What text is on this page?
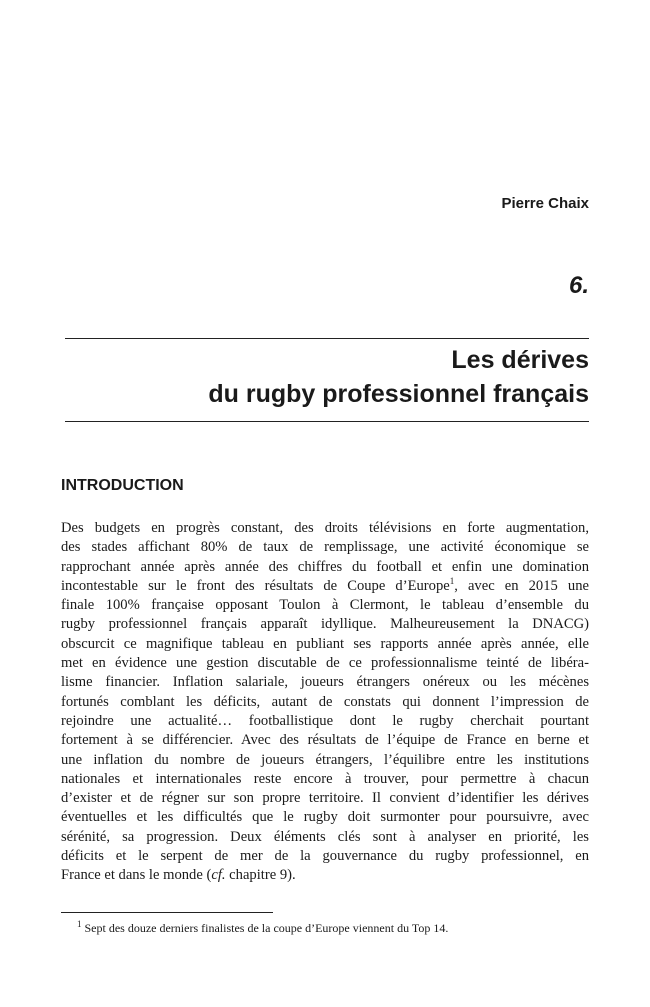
Pierre Chaix
6.
Les dérives
du rugby professionnel français
INTRODUCTION
Des budgets en progrès constant, des droits télévisions en forte augmentation,
des stades affichant 80% de taux de remplissage, une activité économique se
rapprochant année après année des chiffres du football et enfin une domination
incontestable sur le front des résultats de Coupe d’Europe$^1$, avec en 2015 une
finale 100% française opposant Toulon à Clermont, le tableau d’ensemble du
rugby professionnel français apparaît idyllique. Malheureusement la DNACG)
obscurcit ce magnifique tableau en publiant ses rapports année après année, elle
met en évidence une gestion discutable de ce professionnalisme teinté de libéra-
lisme financier. Inflation salariale, joueurs étrangers onéreux ou les mécènes
fortunés comblant les déficits, autant de constats qui donnent l’impression de
rejoindre une actualité… footballistique dont le rugby cherchait pourtant
fortement à se différencier. Avec des résultats de l’équipe de France en berne et
une inflation du nombre de joueurs étrangers, l’équilibre entre les institutions
nationales et internationales reste encore à trouver, pour permettre à chacun
d’exister et de régner sur son propre territoire. Il convient d’identifier les dérives
éventuelles et les difficultés que le rugby doit surmonter pour poursuivre, avec
sérénité, sa progression. Deux éléments clés sont à analyser en priorité, les
déficits et le serpent de mer de la gouvernance du rugby professionnel, en
France et dans le monde (cf. chapitre 9).
$^1$ Sept des douze derniers finalistes de la coupe d’Europe viennent du Top 14.
